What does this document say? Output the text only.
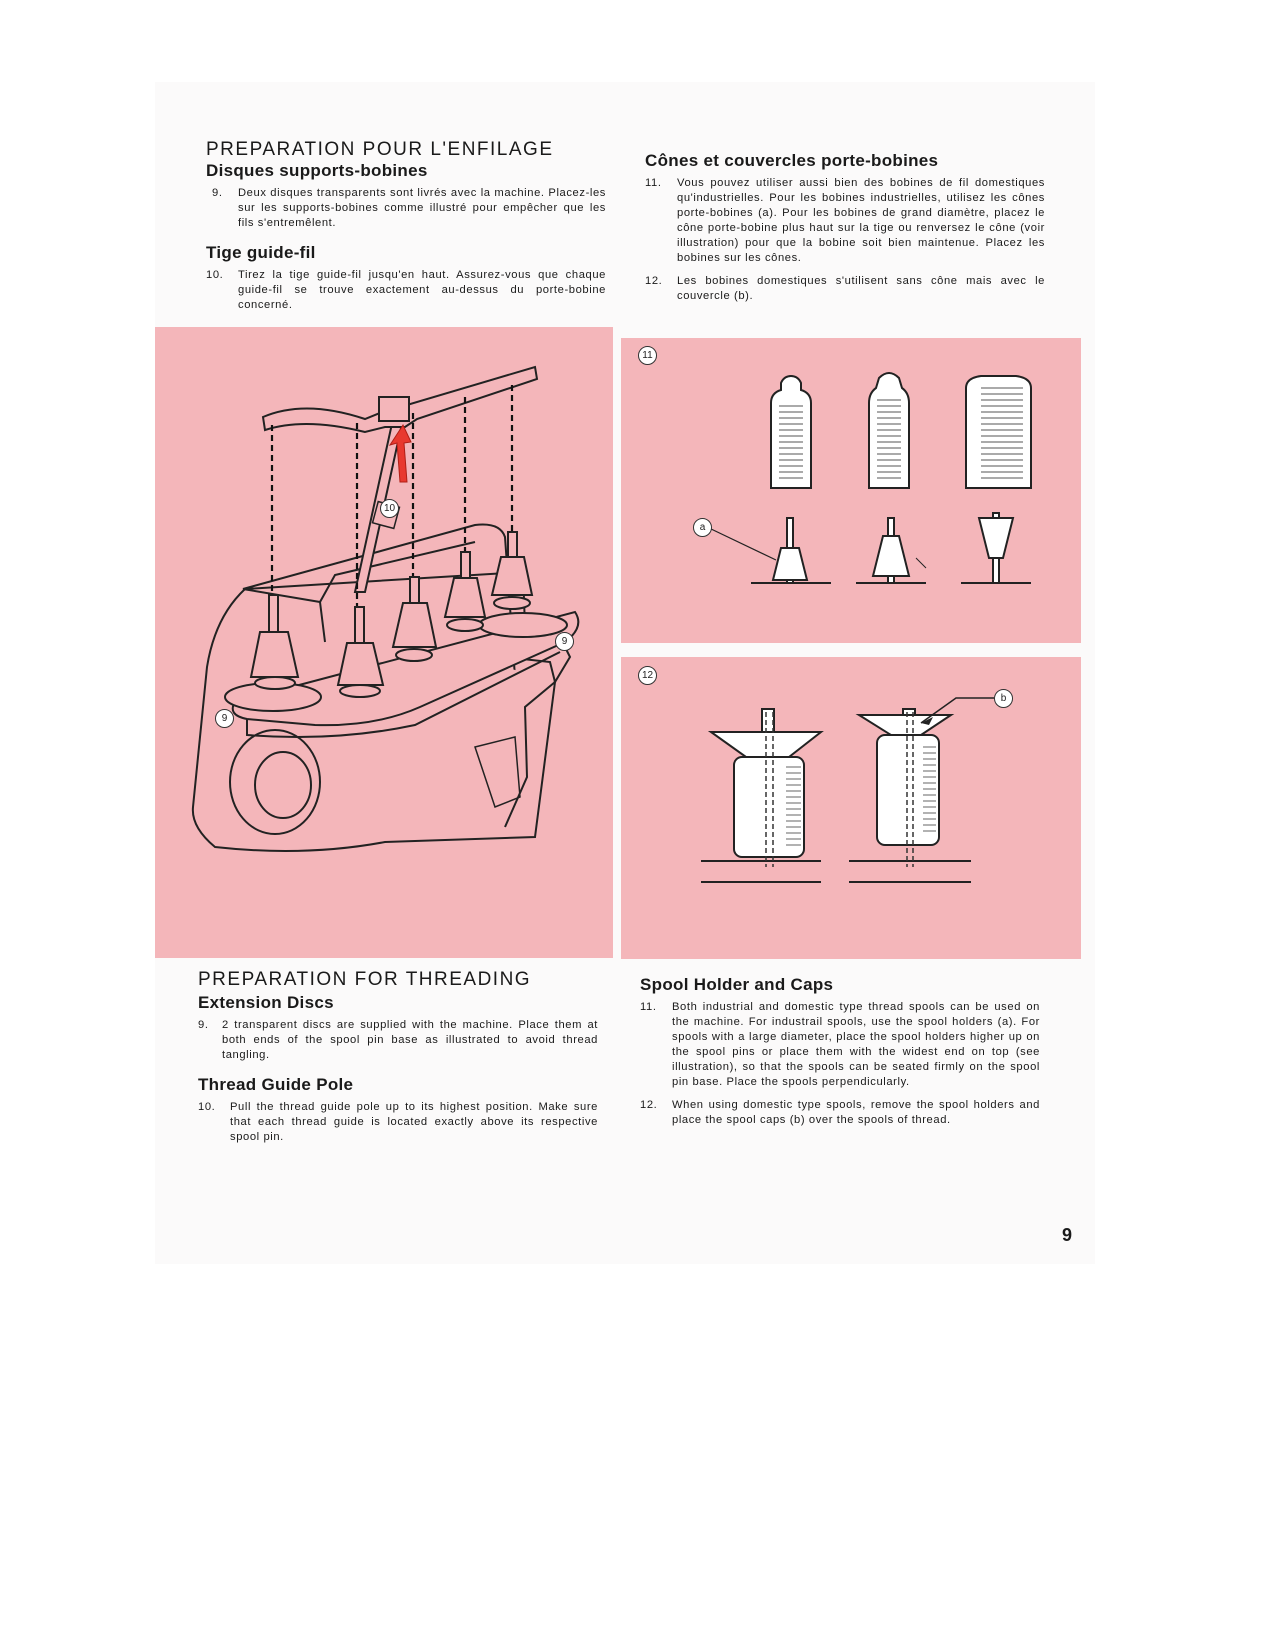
PREPARATION POUR L'ENFILAGE
Disques supports-bobines
9.	Deux disques transparents sont livrés avec la machine. Placez-les sur les supports-bobines comme illustré pour empêcher que les fils s'entremêlent.
Tige guide-fil
10.	Tirez la tige guide-fil jusqu'en haut. Assurez-vous que chaque guide-fil se trouve exactement au-dessus du porte-bobine concerné.
Cônes et couvercles porte-bobines
11.	Vous pouvez utiliser aussi bien des bobines de fil domestiques qu'industrielles. Pour les bobines industrielles, utilisez les cônes porte-bobines (a). Pour les bobines de grand diamètre, placez le cône porte-bobine plus haut sur la tige ou renversez le cône (voir illustration) pour que la bobine soit bien maintenue. Placez les bobines sur les cônes.
12.	Les bobines domestiques s'utilisent sans cône mais avec le couvercle (b).
10
9
9
11
a
12
b
PREPARATION FOR THREADING
Extension Discs
9.	2 transparent discs are supplied with the machine. Place them at both ends of the spool pin base as illustrated to avoid thread tangling.
Thread Guide Pole
10.	Pull the thread guide pole up to its highest position. Make sure that each thread guide is located exactly above its respective spool pin.
Spool Holder and Caps
11.	Both industrial and domestic type thread spools can be used on the machine. For industrail spools, use the spool holders (a). For spools with a large diameter, place the spool holders higher up on the spool pins or place them with the widest end on top (see illustration), so that the spools can be seated firmly on the spool pin base. Place the spools perpendicularly.
12.	When using domestic type spools, remove the spool holders and place the spool caps (b) over the spools of thread.
9
